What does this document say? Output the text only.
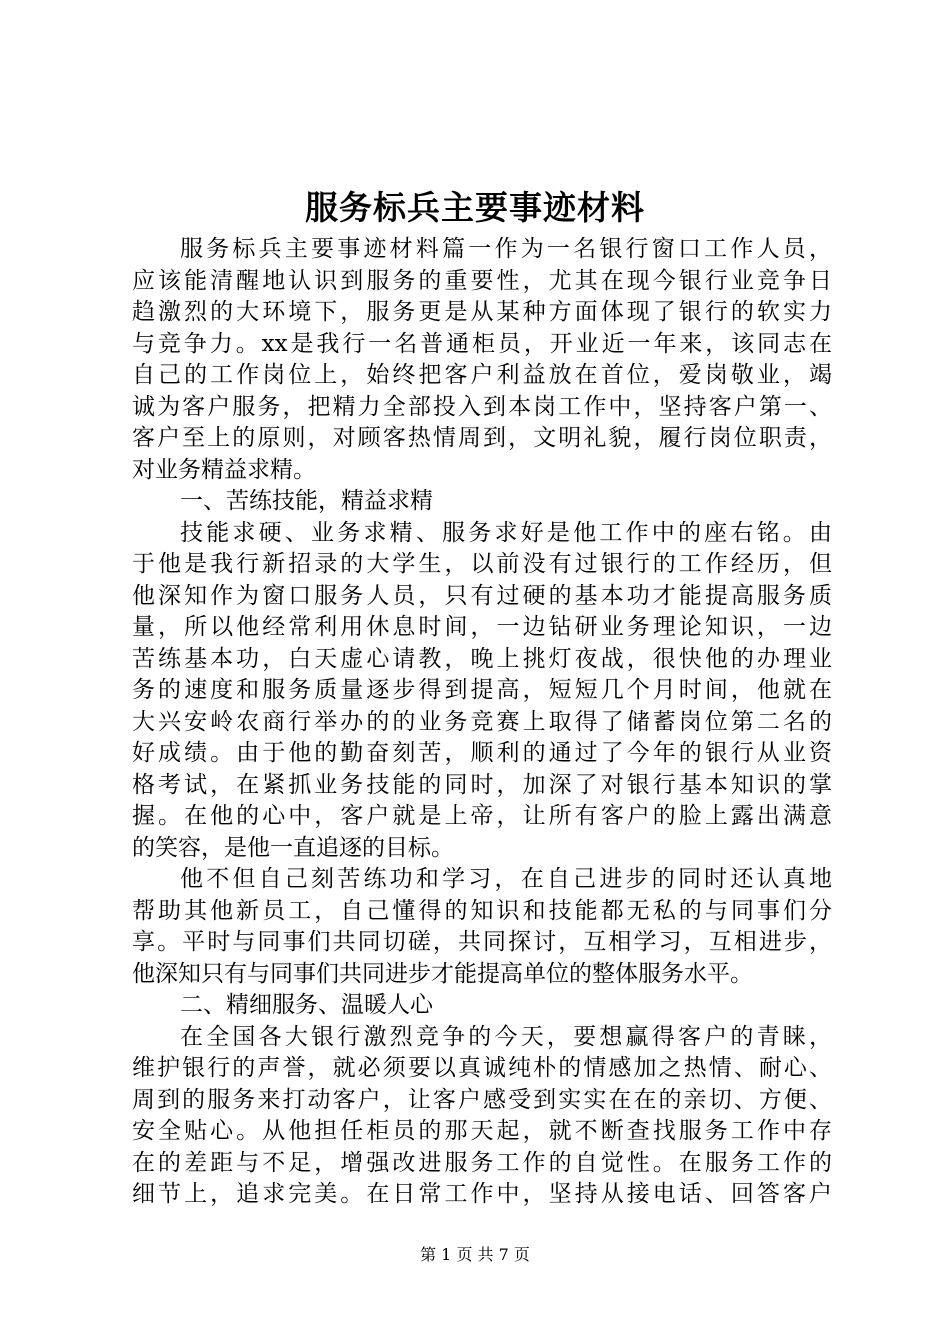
服务标兵主要事迹材料
服务标兵主要事迹材料篇一作为一名银行窗口工作人员，
应该能清醒地认识到服务的重要性，尤其在现今银行业竞争日
趋激烈的大环境下，服务更是从某种方面体现了银行的软实力
与竞争力。xx是我行一名普通柜员，开业近一年来，该同志在
自己的工作岗位上，始终把客户利益放在首位，爱岗敬业，竭
诚为客户服务，把精力全部投入到本岗工作中，坚持客户第一、
客户至上的原则，对顾客热情周到，文明礼貌，履行岗位职责，
对业务精益求精。
一、苦练技能，精益求精
技能求硬、业务求精、服务求好是他工作中的座右铭。由
于他是我行新招录的大学生，以前没有过银行的工作经历，但
他深知作为窗口服务人员，只有过硬的基本功才能提高服务质
量，所以他经常利用休息时间，一边钻研业务理论知识，一边
苦练基本功，白天虚心请教，晚上挑灯夜战，很快他的办理业
务的速度和服务质量逐步得到提高，短短几个月时间，他就在
大兴安岭农商行举办的的业务竞赛上取得了储蓄岗位第二名的
好成绩。由于他的勤奋刻苦，顺利的通过了今年的银行从业资
格考试，在紧抓业务技能的同时，加深了对银行基本知识的掌
握。在他的心中，客户就是上帝，让所有客户的脸上露出满意
的笑容，是他一直追逐的目标。
他不但自己刻苦练功和学习，在自己进步的同时还认真地
帮助其他新员工，自己懂得的知识和技能都无私的与同事们分
享。平时与同事们共同切磋，共同探讨，互相学习，互相进步，
他深知只有与同事们共同进步才能提高单位的整体服务水平。
二、精细服务、温暖人心
在全国各大银行激烈竞争的今天，要想赢得客户的青睐，
维护银行的声誉，就必须要以真诚纯朴的情感加之热情、耐心、
周到的服务来打动客户，让客户感受到实实在在的亲切、方便、
安全贴心。从他担任柜员的那天起，就不断查找服务工作中存
在的差距与不足，增强改进服务工作的自觉性。在服务工作的
细节上，追求完美。在日常工作中，坚持从接电话、回答客户
第 1 页 共 7 页
